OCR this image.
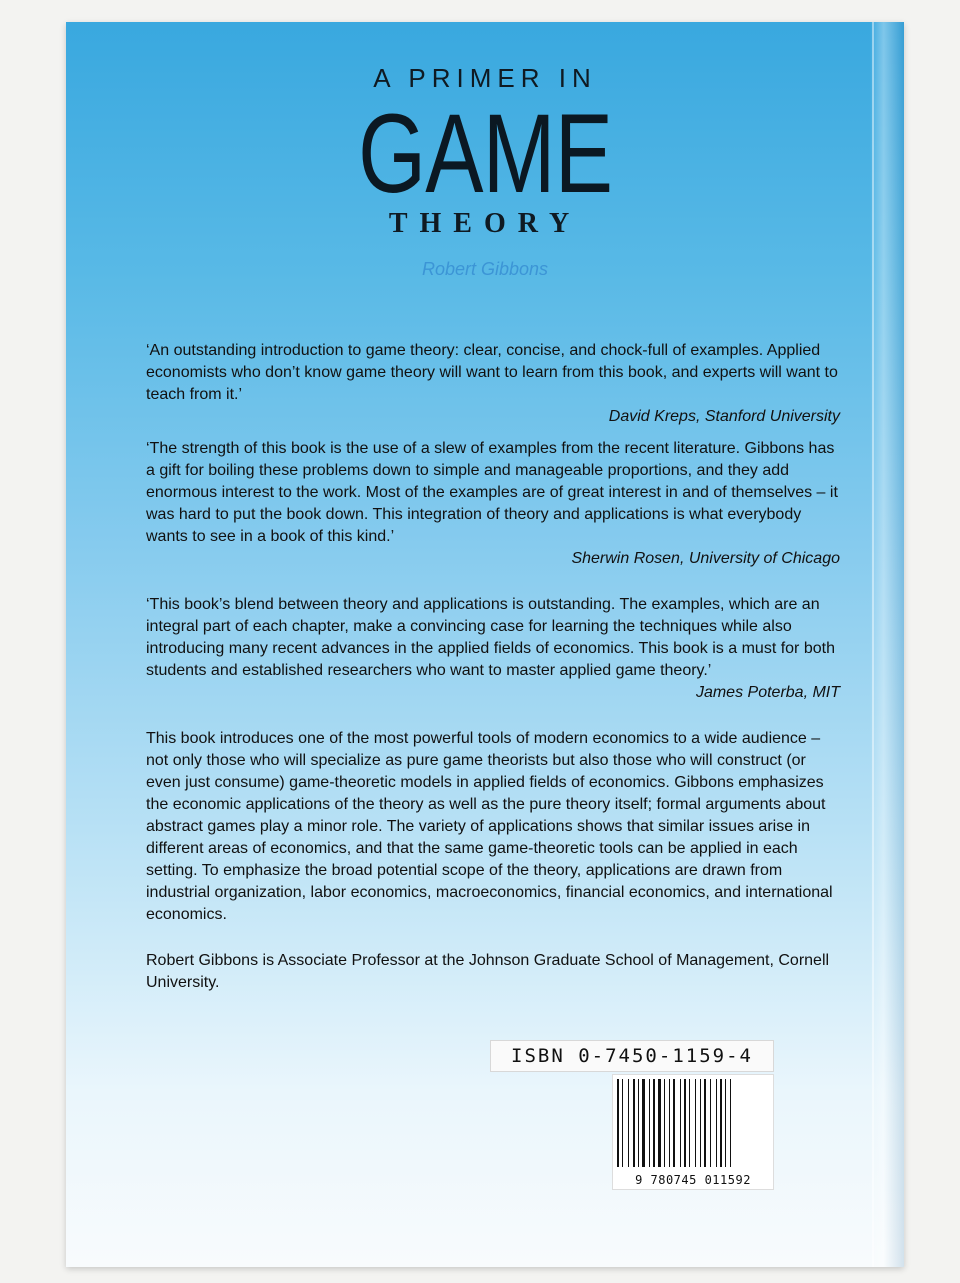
A PRIMER IN
GAME
THEORY
Robert Gibbons

‘An outstanding introduction to game theory: clear, concise, and chock-full of examples. Applied economists who don’t know game theory will want to learn from this book, and experts will want to teach from it.’

David Kreps, Stanford University

‘The strength of this book is the use of a slew of examples from the recent literature. Gibbons has a gift for boiling these problems down to simple and manageable proportions, and they add enormous interest to the work. Most of the examples are of great interest in and of themselves – it was hard to put the book down. This integration of theory and applications is what everybody wants to see in a book of this kind.’

Sherwin Rosen, University of Chicago

‘This book’s blend between theory and applications is outstanding. The examples, which are an integral part of each chapter, make a convincing case for learning the techniques while also introducing many recent advances in the applied fields of economics. This book is a must for both students and established researchers who want to master applied game theory.’

James Poterba, MIT

This book introduces one of the most powerful tools of modern economics to a wide audience – not only those who will specialize as pure game theorists but also those who will construct (or even just consume) game-theoretic models in applied fields of economics. Gibbons emphasizes the economic applications of the theory as well as the pure theory itself; formal arguments about abstract games play a minor role. The variety of applications shows that similar issues arise in different areas of economics, and that the same game-theoretic tools can be applied in each setting. To emphasize the broad potential scope of the theory, applications are drawn from industrial organization, labor economics, macroeconomics, financial economics, and international economics.

Robert Gibbons is Associate Professor at the Johnson Graduate School of Management, Cornell University.

ISBN 0-7450-1159-4
9 780745 011592
